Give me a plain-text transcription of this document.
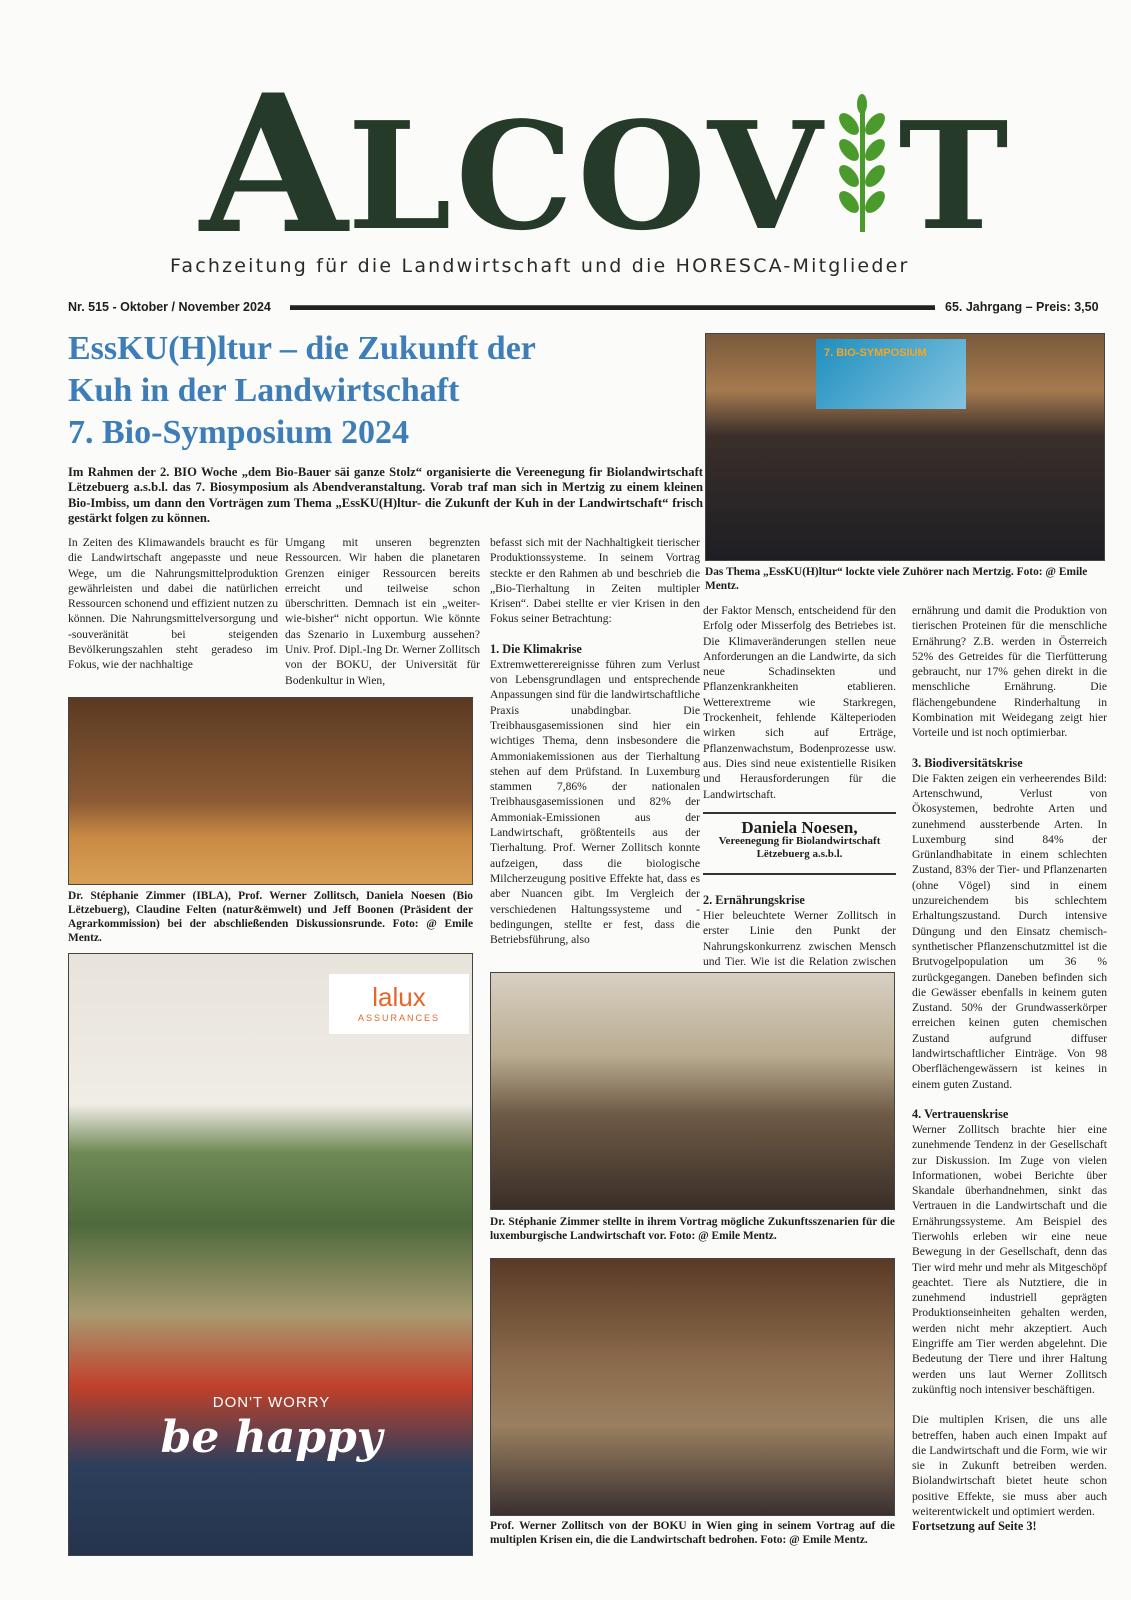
A LCOV T
Fachzeitung für die Landwirtschaft und die HORESCA-Mitglieder
Nr. 515 - Oktober / November 2024	65. Jahrgang – Preis: 3,50
EssKU(H)ltur – die Zukunft der
Kuh in der Landwirtschaft
7. Bio-Symposium 2024
7. BIO-SYMPOSIUM
Das Thema „EssKU(H)ltur“ lockte viele Zuhörer nach Mertzig. Foto: @ Emile Mentz.
Im Rahmen der 2. BIO Woche „dem Bio-Bauer säi ganze Stolz“ organisierte die Vereenegung fir Biolandwirtschaft Lëtzebuerg a.s.b.l. das 7. Biosymposium als Abendveranstaltung. Vorab traf man sich in Mertzig zu einem kleinen Bio-Imbiss, um dann den Vorträgen zum Thema „EssKU(H)ltur- die Zukunft der Kuh in der Landwirtschaft“ frisch gestärkt folgen zu können.
In Zeiten des Klimawandels braucht es für die Landwirtschaft angepasste und neue Wege, um die Nahrungsmittelproduktion gewährleisten und dabei die natürlichen Ressourcen schonend und effizient nutzen zu können. Die Nahrungsmittelversorgung und -souveränität bei steigenden Bevölkerungszahlen steht geradeso im Fokus, wie der nachhaltige
Umgang mit unseren begrenzten Ressourcen. Wir haben die planetaren Grenzen einiger Ressourcen bereits erreicht und teilweise schon überschritten. Demnach ist ein „weiter-wie-bisher“ nicht opportun. Wie könnte das Szenario in Luxemburg aussehen? Univ. Prof. Dipl.-Ing Dr. Werner Zollitsch von der BOKU, der Universität für Bodenkultur in Wien,

befasst sich mit der Nachhaltigkeit tierischer Produktionssysteme. In seinem Vortrag steckte er den Rahmen ab und beschrieb die „Bio-Tierhaltung in Zeiten multipler Krisen“. Dabei stellte er vier Krisen in den Fokus seiner Betrachtung:

1. Die Klimakrise
Extremwetterereignisse führen zum Verlust von Lebensgrundlagen und entsprechende Anpassungen sind für die landwirtschaftliche Praxis unabdingbar. Die Treibhausgasemissionen sind hier ein wichtiges Thema, denn insbesondere die Ammoniakemissionen aus der Tierhaltung stehen auf dem Prüfstand. In Luxemburg stammen 7,86% der nationalen Treibhausgasemissionen und 82% der Ammoniak-Emissionen aus der Landwirtschaft, größtenteils aus der Tierhaltung. Prof. Werner Zollitsch konnte aufzeigen, dass die biologische Milcherzeugung positive Effekte hat, dass es aber Nuancen gibt. Im Vergleich der verschiedenen Haltungssysteme und -bedingungen, stellte er fest, dass die Betriebsführung, also
der Faktor Mensch, entscheidend für den Erfolg oder Misserfolg des Betriebes ist. Die Klimaveränderungen stellen neue Anforderungen an die Landwirte, da sich neue Schadinsekten und Pflanzenkrankheiten etablieren. Wetterextreme wie Starkregen, Trockenheit, fehlende Kälteperioden wirken sich auf Erträge, Pflanzenwachstum, Bodenprozesse usw. aus. Dies sind neue existentielle Risiken und Herausforderungen für die Landwirtschaft.
Daniela Noesen,
Vereenegung fir Biolandwirtschaft Lëtzebuerg a.s.b.l.
2. Ernährungskrise
Hier beleuchtete Werner Zollitsch in erster Linie den Punkt der Nahrungskonkurrenz zwischen Mensch und Tier. Wie ist die Relation zwischen

ernährung und damit die Produktion von tierischen Proteinen für die menschliche Ernährung? Z.B. werden in Österreich 52% des Getreides für die Tierfütterung gebraucht, nur 17% gehen direkt in die menschliche Ernährung. Die flächengebundene Rinderhaltung in Kombination mit Weidegang zeigt hier Vorteile und ist noch optimierbar.

3. Biodiversitätskrise

Die Fakten zeigen ein verheerendes Bild: Artenschwund, Verlust von Ökosystemen, bedrohte Arten und zunehmend aussterbende Arten. In Luxemburg sind 84% der Grünlandhabitate in einem schlechten Zustand, 83% der Tier- und Pflanzenarten (ohne Vögel) sind in einem unzureichendem bis schlechtem Erhaltungszustand. Durch intensive Düngung und den Einsatz chemisch-synthetischer Pflanzenschutzmittel ist die Brutvogelpopulation um 36 % zurückgegangen. Daneben befinden sich die Gewässer ebenfalls in keinem guten Zustand. 50% der Grundwasserkörper erreichen keinen guten chemischen Zustand aufgrund diffuser landwirtschaftlicher Einträge. Von 98 Oberflächengewässern ist keines in einem guten Zustand.

4. Vertrauenskrise

Werner Zollitsch brachte hier eine zunehmende Tendenz in der Gesellschaft zur Diskussion. Im Zuge von vielen Informationen, wobei Berichte über Skandale überhandnehmen, sinkt das Vertrauen in die Landwirtschaft und die Ernährungssysteme. Am Beispiel des Tierwohls erleben wir eine neue Bewegung in der Gesellschaft, denn das Tier wird mehr und mehr als Mitgeschöpf geachtet. Tiere als Nutztiere, die in zunehmend industriell geprägten Produktionseinheiten gehalten werden, werden nicht mehr akzeptiert. Auch Eingriffe am Tier werden abgelehnt. Die Bedeutung der Tiere und ihrer Haltung werden uns laut Werner Zollitsch zukünftig noch intensiver beschäftigen.

Die multiplen Krisen, die uns alle betreffen, haben auch einen Impakt auf die Landwirtschaft und die Form, wie wir sie in Zukunft betreiben werden. Biolandwirtschaft bietet heute schon positive Effekte, sie muss aber auch weiterentwickelt und optimiert werden.
Fortsetzung auf Seite 3!
Dr. Stéphanie Zimmer (IBLA), Prof. Werner Zollitsch, Daniela Noesen (Bio Lëtzebuerg), Claudine Felten (natur&ëmwelt) und Jeff Boonen (Präsident der Agrarkommission) bei der abschließenden Diskussionsrunde. Foto: @ Emile Mentz.
lalux
ASSURANCES
DON'T WORRY
be happy
Dr. Stéphanie Zimmer stellte in ihrem Vortrag mögliche Zukunftsszenarien für die luxemburgische Landwirtschaft vor. Foto: @ Emile Mentz.
Prof. Werner Zollitsch von der BOKU in Wien ging in seinem Vortrag auf die multiplen Krisen ein, die die Landwirtschaft bedrohen. Foto: @ Emile Mentz.
